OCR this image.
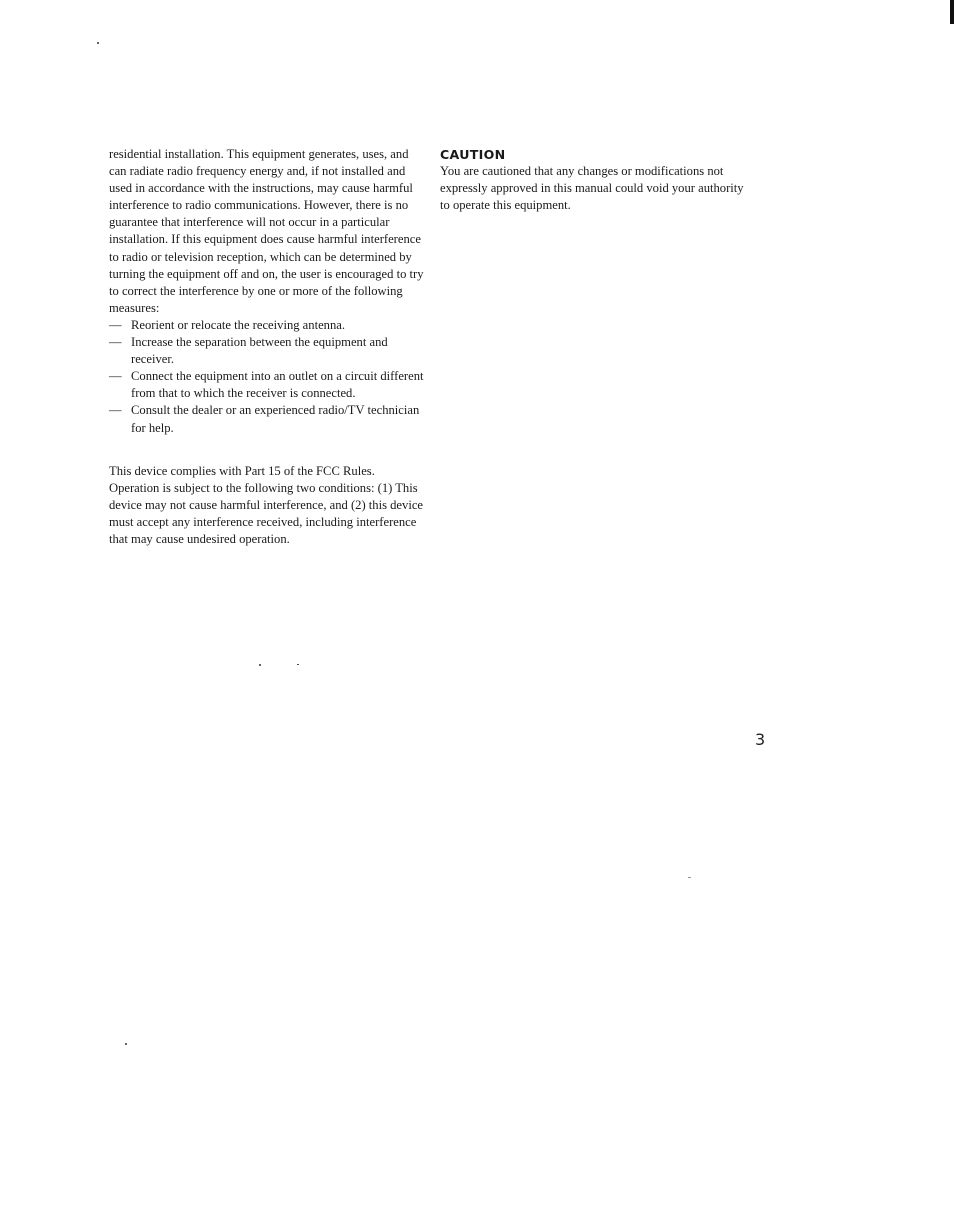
residential installation. This equipment generates, uses, and can radiate radio frequency energy and, if not installed and used in accordance with the instructions, may cause harmful interference to radio communications. However, there is no guarantee that interference will not occur in a particular installation. If this equipment does cause harmful interference to radio or television reception, which can be determined by turning the equipment off and on, the user is encouraged to try to correct the interference by one or more of the following measures:

— Reorient or relocate the receiving antenna.
— Increase the separation between the equipment and receiver.
— Connect the equipment into an outlet on a circuit different from that to which the receiver is connected.
— Consult the dealer or an experienced radio/TV technician for help.

This device complies with Part 15 of the FCC Rules. Operation is subject to the following two conditions: (1) This device may not cause harmful interference, and (2) this device must accept any interference received, including interference that may cause undesired operation.

CAUTION

You are cautioned that any changes or modifications not expressly approved in this manual could void your authority to operate this equipment.

3
